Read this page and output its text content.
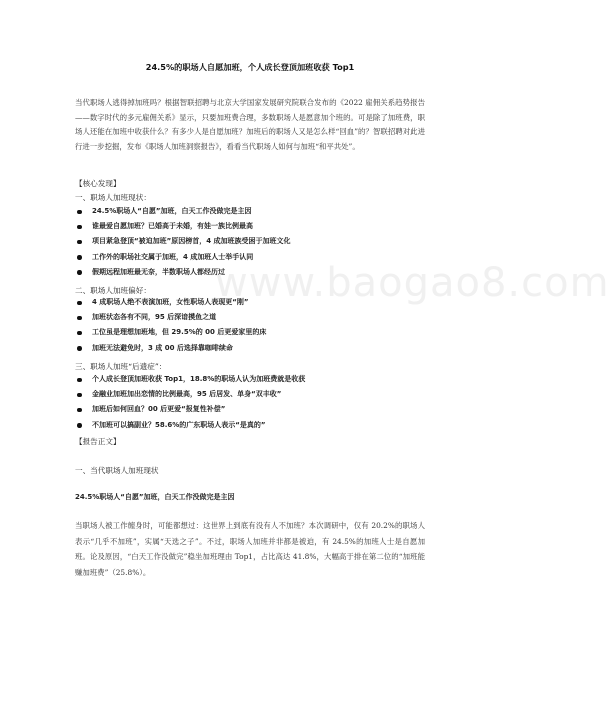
www.baogao8.com
24.5%的职场人自愿加班，个人成长登顶加班收获 Top1

当代职场人逃得掉加班吗？根据智联招聘与北京大学国家发展研究院联合发布的《2022 雇佣关系趋势报告——数字时代的多元雇佣关系》显示，只要加班费合理，多数职场人是愿意加个班的。可是除了加班费，职场人还能在加班中收获什么？有多少人是自愿加班？加班后的职场人又是怎么样“回血”的？智联招聘对此进行进一步挖掘，发布《职场人加班洞察报告》，看看当代职场人如何与加班“和平共处”。

【核心发现】
一、职场人加班现状：
24.5%职场人“自愿”加班，白天工作没做完是主因
谁最爱自愿加班？已婚高于未婚，有娃一族比例最高
项目紧急登顶“被迫加班”原因榜首，4 成加班族受困于加班文化
工作外的职场社交属于加班，4 成加班人士举手认同
假期远程加班最无奈，半数职场人都经历过
二、职场人加班偏好：
4 成职场人绝不表演加班，女性职场人表现更“刚”
加班状态各有不同，95 后深谙摸鱼之道
工位虽是理想加班地，但 29.5%的 00 后更爱家里的床
加班无法避免时，3 成 00 后选择靠咖啡续命
三、职场人加班“后遗症”：
个人成长登顶加班收获 Top1，18.8%的职场人认为加班费就是收获
金融业加班加出恋情的比例最高，95 后居发、单身“双丰收”
加班后如何回血？00 后更爱“报复性补偿”
不加班可以搞副业？58.6%的广东职场人表示“是真的”
【报告正文】
一、当代职场人加班现状
24.5%职场人“自愿”加班，白天工作没做完是主因

当职场人被工作缠身时，可能都想过：这世界上到底有没有人不加班？本次调研中，仅有 20.2%的职场人表示“几乎不加班”，实属“天选之子”。不过，职场人加班并非都是被迫，有 24.5%的加班人士是自愿加班。论及原因，“白天工作没做完”稳坐加班理由 Top1，占比高达 41.8%，大幅高于排在第二位的“加班能赚加班费”（25.8%）。
